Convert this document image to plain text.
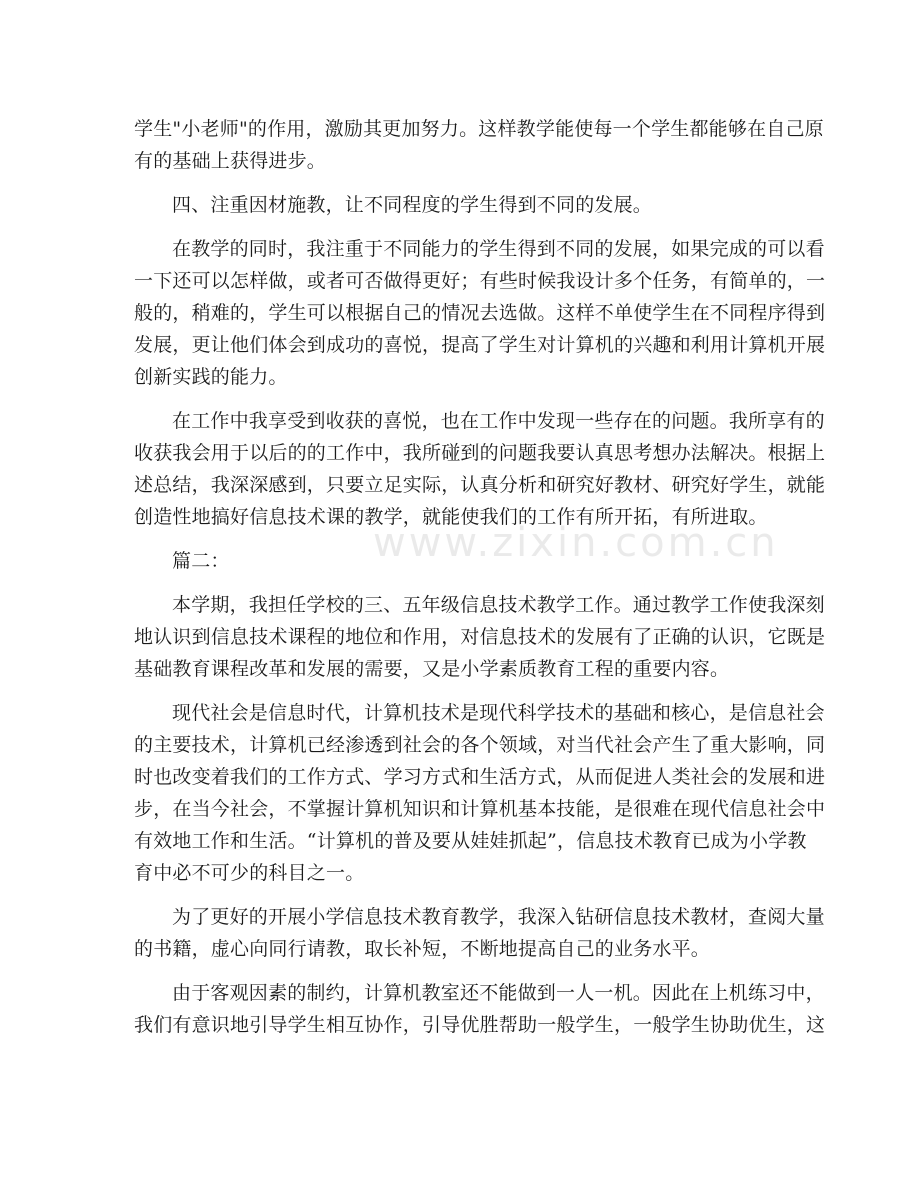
学生"小老师"的作用，激励其更加努力。这样教学能使每一个学生都能够在自己原
有的基础上获得进步。
四、注重因材施教，让不同程度的学生得到不同的发展。
在教学的同时，我注重于不同能力的学生得到不同的发展，如果完成的可以看
一下还可以怎样做，或者可否做得更好；有些时候我设计多个任务，有简单的，一
般的，稍难的，学生可以根据自己的情况去选做。这样不单使学生在不同程序得到
发展，更让他们体会到成功的喜悦，提高了学生对计算机的兴趣和利用计算机开展
创新实践的能力。
在工作中我享受到收获的喜悦，也在工作中发现一些存在的问题。我所享有的
收获我会用于以后的的工作中，我所碰到的问题我要认真思考想办法解决。根据上
述总结，我深深感到，只要立足实际，认真分析和研究好教材、研究好学生，就能
创造性地搞好信息技术课的教学，就能使我们的工作有所开拓，有所进取。
篇二：
本学期，我担任学校的三、五年级信息技术教学工作。通过教学工作使我深刻
地认识到信息技术课程的地位和作用，对信息技术的发展有了正确的认识，它既是
基础教育课程改革和发展的需要，又是小学素质教育工程的重要内容。
现代社会是信息时代，计算机技术是现代科学技术的基础和核心，是信息社会
的主要技术，计算机已经渗透到社会的各个领域，对当代社会产生了重大影响，同
时也改变着我们的工作方式、学习方式和生活方式，从而促进人类社会的发展和进
步，在当今社会，不掌握计算机知识和计算机基本技能，是很难在现代信息社会中
有效地工作和生活。“计算机的普及要从娃娃抓起”，信息技术教育已成为小学教
育中必不可少的科目之一。
为了更好的开展小学信息技术教育教学，我深入钻研信息技术教材，查阅大量
的书籍，虚心向同行请教，取长补短，不断地提高自己的业务水平。
由于客观因素的制约，计算机教室还不能做到一人一机。因此在上机练习中，
我们有意识地引导学生相互协作，引导优胜帮助一般学生，一般学生协助优生，这
www.zixin.com.cn
